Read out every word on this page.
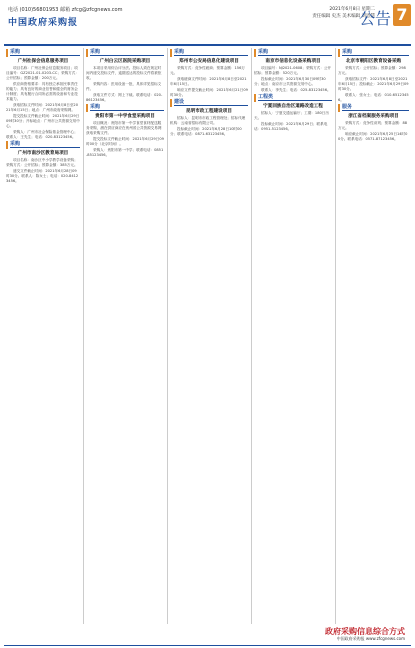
电话 (010)56801953 邮箱 zfcg@zfcgnews.com
中国政府采购报
2021年6月8日 星期二
责任编辑 史杰 美术编辑 刘恩慧
公告 7
采购
广州社保会信息服务项目

项目名称：广州社保会信息服务项目；项目编号：GZ2021-01-0203-CC；采购方式：公开招标；预算金额：200万元。

供应商资格要求：具有独立承担民事责任的能力；具有良好的商业信誉和健全的财务会计制度；具有履行合同所必需的设备和专业技术能力。

获取招标文件时间：2021年6月8日至2021年6月15日；地点：广州市政府采购网。

提交投标文件截止时间：2021年6月29日09时30分；开标地点：广州市公共资源交易中心。

采购人：广州市社会保险基金管理中心；联系人：王先生；电话：020-83123456。

采购
广州市南沙区教育局项目

项目名称：南沙区中小学教学设备采购；采购方式：公开招标；预算金额：385万元。

递交文件截止时间：2021年6月28日09时30分。联系人：陈女士；电话：020-84123456。

采购
广州白云区医院采购项目

本项目采用综合评分法。投标人须在规定时间内递交投标文件，逾期送达的投标文件将被拒收。

采购内容：医用设备一批，具体详见招标文件。

获取文件方式：网上下载。联系电话：020-86123456。

采购
贵阳市第一中学食堂采购项目

项目概况：贵阳市第一中学食堂食材配送服务采购，潜在供应商应在贵州省公共资源交易网获取采购文件。

提交投标文件截止时间：2021年6月29日09时00分（北京时间）。

采购人：贵阳市第一中学；联系电话：0851-85123456。

采购
郑州市公安局信息化建设项目

采购方式：竞争性磋商；预算金额：156万元。

获取磋商文件时间：2021年6月8日至2021年6月15日。

响应文件提交截止时间：2021年6月21日09时30分。

建设
昆明市政工程建设项目

招标人：昆明市市政工程管理处；招标代理机构：云南省招标有限公司。

投标截止时间：2021年6月28日10时00分；联系电话：0871-63123456。

采购
南京市信息化设备采购项目

项目编号：NJ2021-0608；采购方式：公开招标；预算金额：520万元。

投标截止时间：2021年6月30日09时30分；地点：南京市公共资源交易中心。

联系人：李先生；电话：025-83123456。

工程类
宁夏回族自治区道路改造工程

招标人：宁夏交通运输厅；工期：180日历天。

投标截止时间：2021年6月29日；联系电话：0951-5123456。

采购
北京市朝阳区教育设备采购

采购方式：公开招标；预算金额：298万元。

获取招标文件：2021年6月8日至2021年6月15日；投标截止：2021年6月29日09时30分。

联系人：张女士；电话：010-65123456。

服务
浙江省档案服务采购项目

采购方式：竞争性谈判；预算金额：88万元。

响应截止时间：2021年6月25日14时00分。联系电话：0571-87123456。

政府采购信息综合方式
中国政府采购报 www.zfcgnews.com
